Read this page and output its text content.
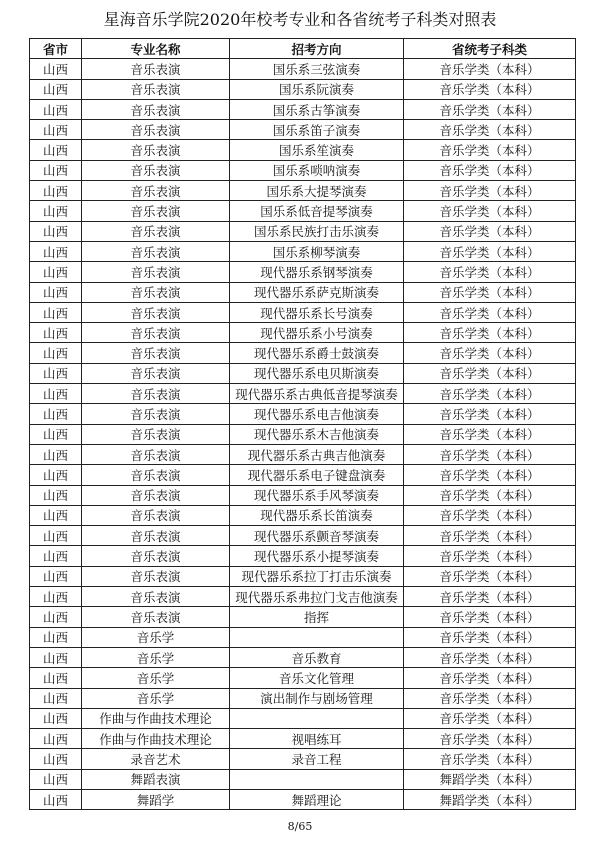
星海音乐学院2020年校考专业和各省统考子科类对照表
省市	专业名称	招考方向	省统考子科类
山西	音乐表演	国乐系三弦演奏	音乐学类（本科）
山西	音乐表演	国乐系阮演奏	音乐学类（本科）
山西	音乐表演	国乐系古筝演奏	音乐学类（本科）
山西	音乐表演	国乐系笛子演奏	音乐学类（本科）
山西	音乐表演	国乐系笙演奏	音乐学类（本科）
山西	音乐表演	国乐系唢呐演奏	音乐学类（本科）
山西	音乐表演	国乐系大提琴演奏	音乐学类（本科）
山西	音乐表演	国乐系低音提琴演奏	音乐学类（本科）
山西	音乐表演	国乐系民族打击乐演奏	音乐学类（本科）
山西	音乐表演	国乐系柳琴演奏	音乐学类（本科）
山西	音乐表演	现代器乐系钢琴演奏	音乐学类（本科）
山西	音乐表演	现代器乐系萨克斯演奏	音乐学类（本科）
山西	音乐表演	现代器乐系长号演奏	音乐学类（本科）
山西	音乐表演	现代器乐系小号演奏	音乐学类（本科）
山西	音乐表演	现代器乐系爵士鼓演奏	音乐学类（本科）
山西	音乐表演	现代器乐系电贝斯演奏	音乐学类（本科）
山西	音乐表演	现代器乐系古典低音提琴演奏	音乐学类（本科）
山西	音乐表演	现代器乐系电吉他演奏	音乐学类（本科）
山西	音乐表演	现代器乐系木吉他演奏	音乐学类（本科）
山西	音乐表演	现代器乐系古典吉他演奏	音乐学类（本科）
山西	音乐表演	现代器乐系电子键盘演奏	音乐学类（本科）
山西	音乐表演	现代器乐系手风琴演奏	音乐学类（本科）
山西	音乐表演	现代器乐系长笛演奏	音乐学类（本科）
山西	音乐表演	现代器乐系颤音琴演奏	音乐学类（本科）
山西	音乐表演	现代器乐系小提琴演奏	音乐学类（本科）
山西	音乐表演	现代器乐系拉丁打击乐演奏	音乐学类（本科）
山西	音乐表演	现代器乐系弗拉门戈吉他演奏	音乐学类（本科）
山西	音乐表演	指挥	音乐学类（本科）
山西	音乐学		音乐学类（本科）
山西	音乐学	音乐教育	音乐学类（本科）
山西	音乐学	音乐文化管理	音乐学类（本科）
山西	音乐学	演出制作与剧场管理	音乐学类（本科）
山西	作曲与作曲技术理论		音乐学类（本科）
山西	作曲与作曲技术理论	视唱练耳	音乐学类（本科）
山西	录音艺术	录音工程	音乐学类（本科）
山西	舞蹈表演		舞蹈学类（本科）
山西	舞蹈学	舞蹈理论	舞蹈学类（本科）
8/65
